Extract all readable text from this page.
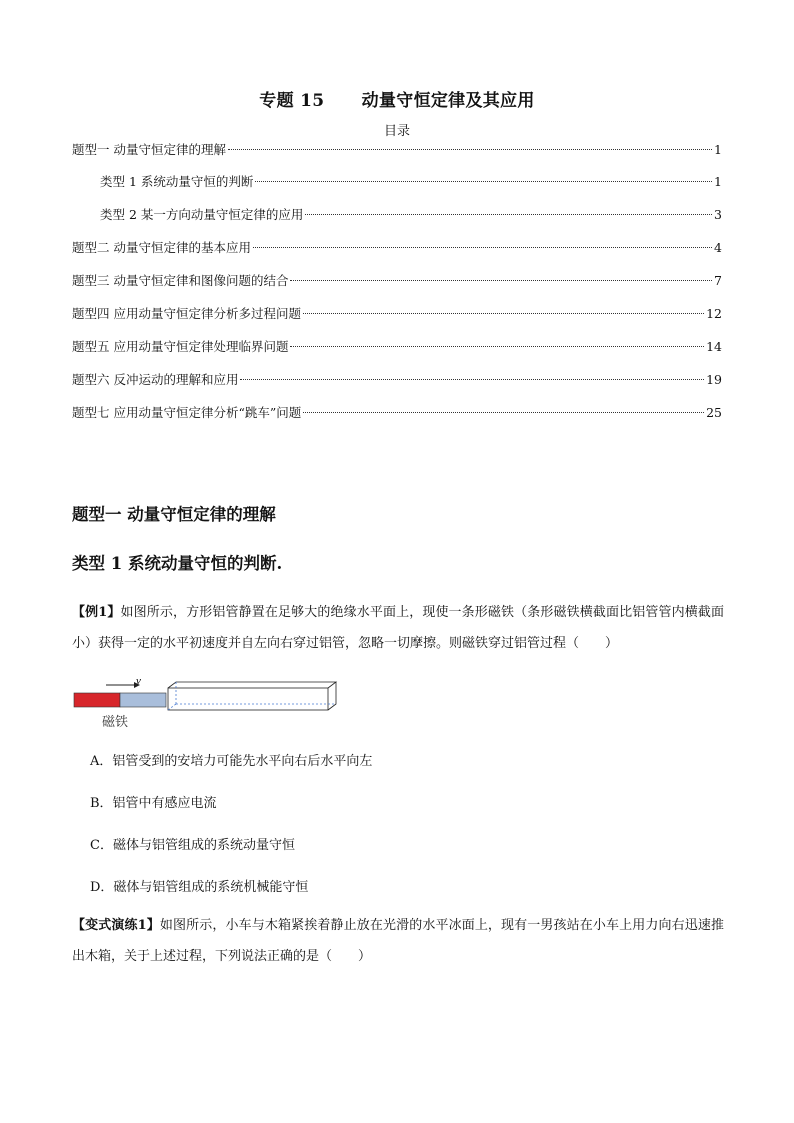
专题 15      动量守恒定律及其应用
目录
题型一 动量守恒定律的理解	1
类型 1 系统动量守恒的判断	1
类型 2 某一方向动量守恒定律的应用	3
题型二 动量守恒定律的基本应用	4
题型三 动量守恒定律和图像问题的结合	7
题型四 应用动量守恒定律分析多过程问题	12
题型五 应用动量守恒定律处理临界问题	14
题型六 反冲运动的理解和应用	19
题型七 应用动量守恒定律分析“跳车”问题	25
题型一 动量守恒定律的理解
类型 1 系统动量守恒的判断.
【例1】如图所示，方形铝管静置在足够大的绝缘水平面上，现使一条形磁铁（条形磁铁横截面比铝管管内横截面小）获得一定的水平初速度并自左向右穿过铝管，忽略一切摩擦。则磁铁穿过铝管过程（　　）
v
磁铁
A．铝管受到的安培力可能先水平向右后水平向左
B．铝管中有感应电流
C．磁体与铝管组成的系统动量守恒
D．磁体与铝管组成的系统机械能守恒
【变式演练1】如图所示，小车与木箱紧挨着静止放在光滑的水平冰面上，现有一男孩站在小车上用力向右迅速推出木箱，关于上述过程，下列说法正确的是（　　）
